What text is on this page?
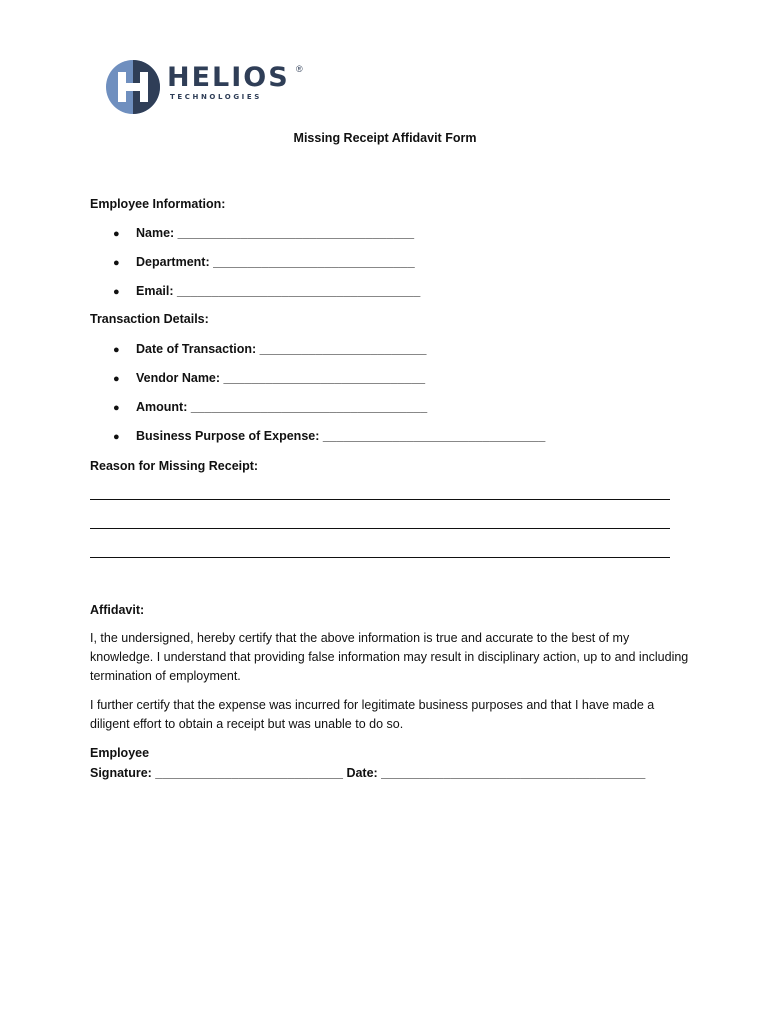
HELIOS ®
TECHNOLOGIES
Missing Receipt Affidavit Form
Employee Information:
● Name: __________________________________
● Department: _____________________________
● Email: ___________________________________
Transaction Details:
● Date of Transaction: ________________________
● Vendor Name: _____________________________
● Amount: __________________________________
● Business Purpose of Expense: ________________________________
Reason for Missing Receipt:
Affidavit:
I, the undersigned, hereby certify that the above information is true and accurate to the best of my knowledge. I understand that providing false information may result in disciplinary action, up to and including termination of employment.
I further certify that the expense was incurred for legitimate business purposes and that I have made a diligent effort to obtain a receipt but was unable to do so.
Employee
Signature: ___________________________ Date: ______________________________________
